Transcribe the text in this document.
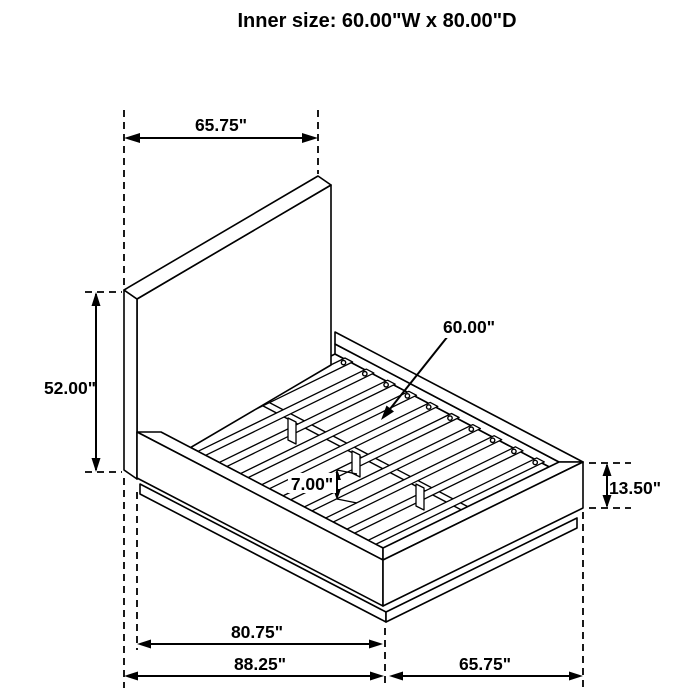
65.75"
52.00"
60.00"
7.00"	13.50"
80.75"
88.25"	65.75"
Inner size: 60.00"W x 80.00"D
